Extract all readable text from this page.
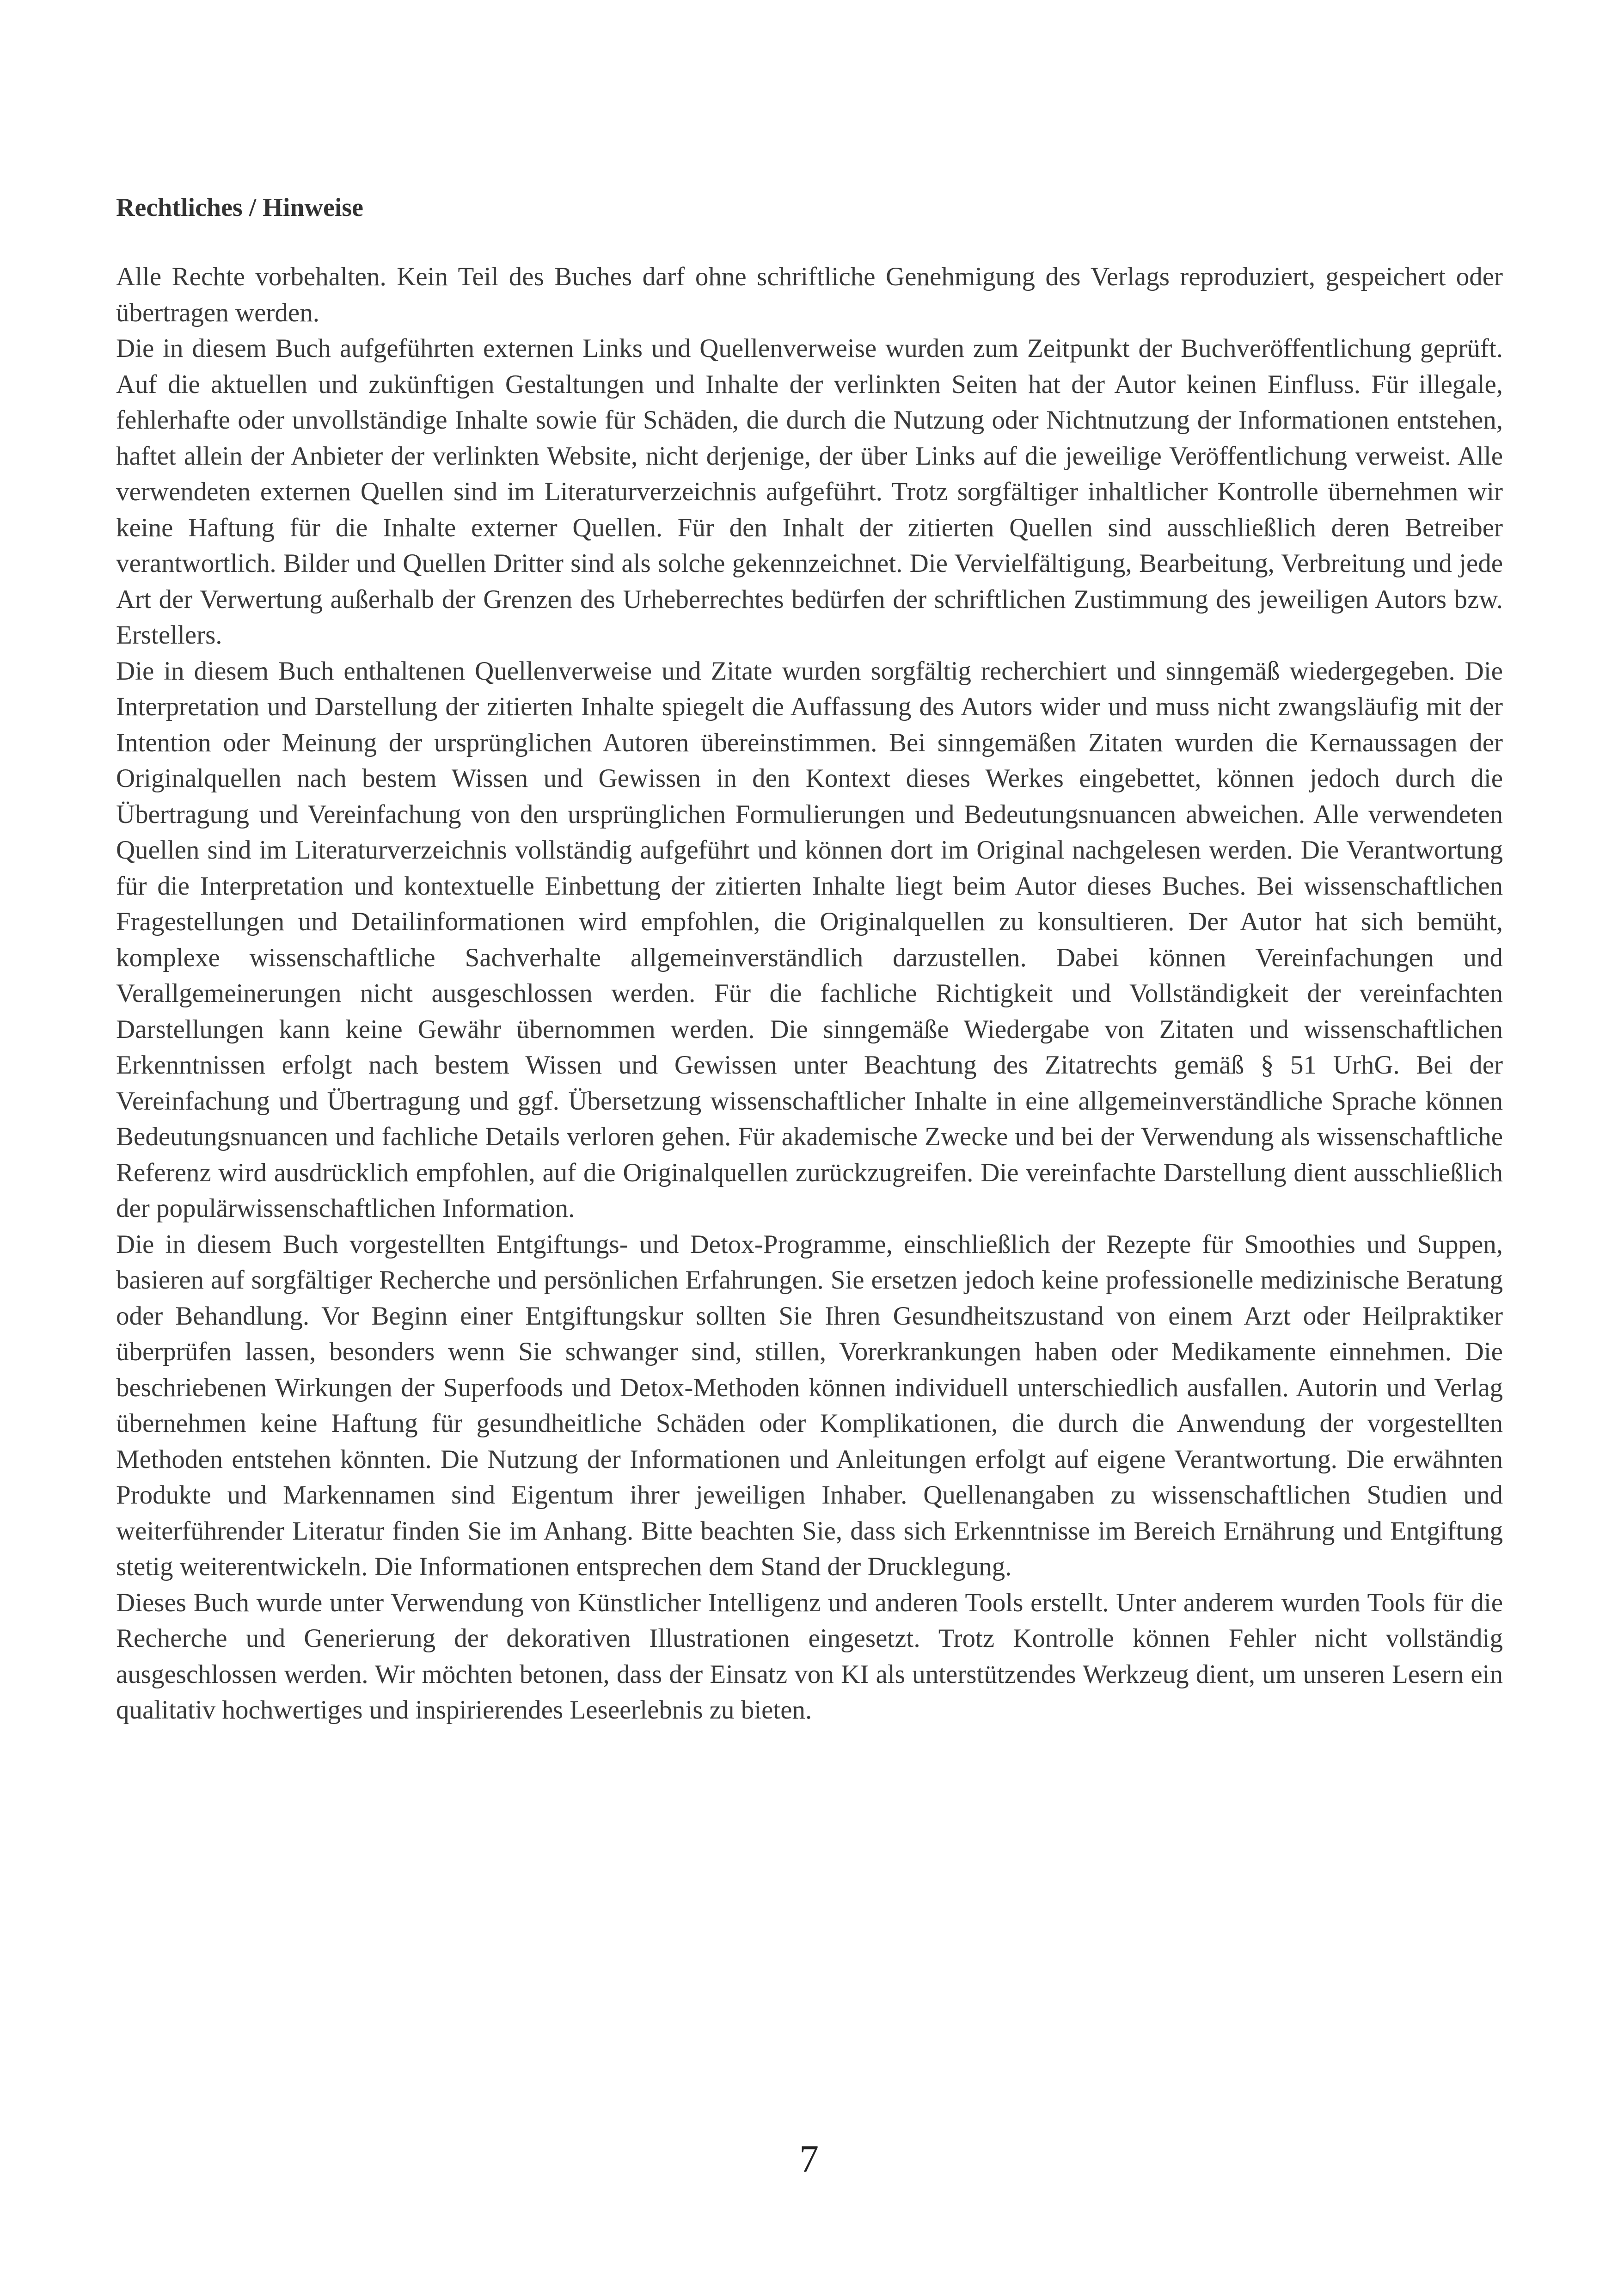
Rechtliches / Hinweise

Alle Rechte vorbehalten. Kein Teil des Buches darf ohne schriftliche Genehmigung des Verlags reproduziert, gespeichert oder übertragen werden.

Die in diesem Buch aufgeführten externen Links und Quellenverweise wurden zum Zeitpunkt der Buchveröffentlichung geprüft. Auf die aktuellen und zukünftigen Gestaltungen und Inhalte der verlinkten Seiten hat der Autor keinen Einfluss. Für illegale, fehlerhafte oder unvollständige Inhalte sowie für Schäden, die durch die Nutzung oder Nichtnutzung der Informationen entstehen, haftet allein der Anbieter der verlinkten Website, nicht derjenige, der über Links auf die jeweilige Veröffentlichung verweist. Alle verwendeten externen Quellen sind im Literaturverzeichnis aufgeführt. Trotz sorgfältiger inhaltlicher Kontrolle übernehmen wir keine Haftung für die Inhalte externer Quellen. Für den Inhalt der zitierten Quellen sind ausschließlich deren Betreiber verantwortlich. Bilder und Quellen Dritter sind als solche gekennzeichnet. Die Vervielfältigung, Bearbeitung, Verbreitung und jede Art der Verwertung außerhalb der Grenzen des Urheberrechtes bedürfen der schriftlichen Zustimmung des jeweiligen Autors bzw. Erstellers.

Die in diesem Buch enthaltenen Quellenverweise und Zitate wurden sorgfältig recherchiert und sinngemäß wiedergegeben. Die Interpretation und Darstellung der zitierten Inhalte spiegelt die Auffassung des Autors wider und muss nicht zwangsläufig mit der Intention oder Meinung der ursprünglichen Autoren übereinstimmen. Bei sinngemäßen Zitaten wurden die Kernaussagen der Originalquellen nach bestem Wissen und Gewissen in den Kontext dieses Werkes eingebettet, können jedoch durch die Übertragung und Vereinfachung von den ursprünglichen Formulierungen und Bedeutungsnuancen abweichen. Alle verwendeten Quellen sind im Literaturverzeichnis vollständig aufgeführt und können dort im Original nachgelesen werden. Die Verantwortung für die Interpretation und kontextuelle Einbettung der zitierten Inhalte liegt beim Autor dieses Buches. Bei wissenschaftlichen Fragestellungen und Detailinformationen wird empfohlen, die Originalquellen zu konsultieren. Der Autor hat sich bemüht, komplexe wissenschaftliche Sachverhalte allgemeinverständlich darzustellen. Dabei können Vereinfachungen und Verallgemeinerungen nicht ausgeschlossen werden. Für die fachliche Richtigkeit und Vollständigkeit der vereinfachten Darstellungen kann keine Gewähr übernommen werden. Die sinngemäße Wiedergabe von Zitaten und wissenschaftlichen Erkenntnissen erfolgt nach bestem Wissen und Gewissen unter Beachtung des Zitatrechts gemäß § 51 UrhG. Bei der Vereinfachung und Übertragung und ggf. Übersetzung wissenschaftlicher Inhalte in eine allgemeinverständliche Sprache können Bedeutungsnuancen und fachliche Details verloren gehen. Für akademische Zwecke und bei der Verwendung als wissenschaftliche Referenz wird ausdrücklich empfohlen, auf die Originalquellen zurückzugreifen. Die vereinfachte Darstellung dient ausschließlich der populärwissenschaftlichen Information.

Die in diesem Buch vorgestellten Entgiftungs- und Detox-Programme, einschließlich der Rezepte für Smoothies und Suppen, basieren auf sorgfältiger Recherche und persönlichen Erfahrungen. Sie ersetzen jedoch keine professionelle medizinische Beratung oder Behandlung. Vor Beginn einer Entgiftungskur sollten Sie Ihren Gesundheitszustand von einem Arzt oder Heilpraktiker überprüfen lassen, besonders wenn Sie schwanger sind, stillen, Vorerkrankungen haben oder Medikamente einnehmen. Die beschriebenen Wirkungen der Superfoods und Detox-Methoden können individuell unterschiedlich ausfallen. Autorin und Verlag übernehmen keine Haftung für gesundheitliche Schäden oder Komplikationen, die durch die Anwendung der vorgestellten Methoden entstehen könnten. Die Nutzung der Informationen und Anleitungen erfolgt auf eigene Verantwortung. Die erwähnten Produkte und Markennamen sind Eigentum ihrer jeweiligen Inhaber. Quellenangaben zu wissenschaftlichen Studien und weiterführender Literatur finden Sie im Anhang. Bitte beachten Sie, dass sich Erkenntnisse im Bereich Ernährung und Entgiftung stetig weiterentwickeln. Die Informationen entsprechen dem Stand der Drucklegung.

Dieses Buch wurde unter Verwendung von Künstlicher Intelligenz und anderen Tools erstellt. Unter anderem wurden Tools für die Recherche und Generierung der dekorativen Illustrationen eingesetzt. Trotz Kontrolle können Fehler nicht vollständig ausgeschlossen werden. Wir möchten betonen, dass der Einsatz von KI als unterstützendes Werkzeug dient, um unseren Lesern ein qualitativ hochwertiges und inspirierendes Leseerlebnis zu bieten.

7
